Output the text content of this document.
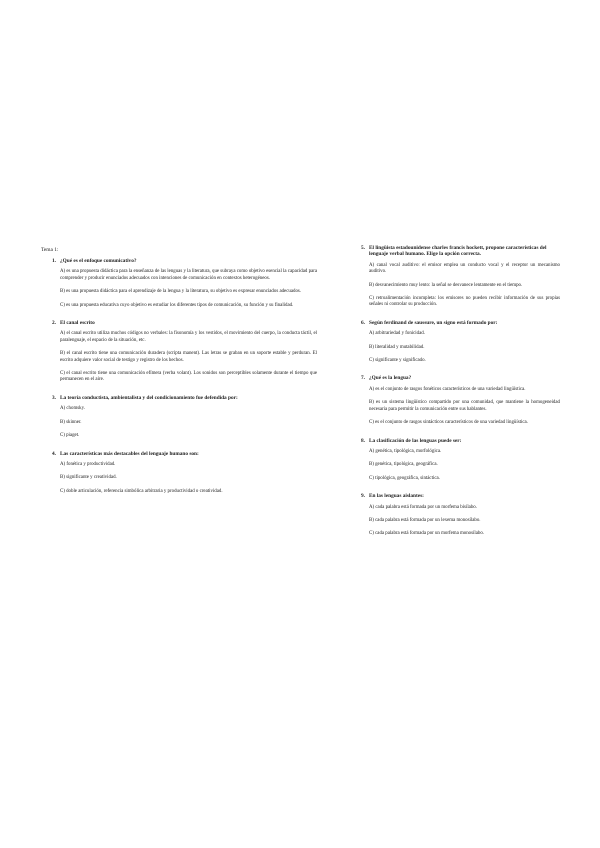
Tema 1:
1. ¿Qué es el enfoque comunicativo?
A) es una propuesta didáctica para la enseñanza de las lenguas y la literatura, que subraya como objetivo esencial la capacidad para comprender y producir enunciados adecuados con intenciones de comunicación en contextos heterogéneos.
B) es una propuesta didáctica para el aprendizaje de la lengua y la literatura, su objetivo es expresar enunciados adecuados.
C) es una propuesta educativa cuyo objetivo es estudiar los diferentes tipos de comunicación, su función y su finalidad.
2. El canal escrito
A) el canal escrito utiliza muchos códigos no verbales: la fisonomía y los vestidos, el movimiento del cuerpo, la conducta táctil, el paralenguaje, el espacio de la situación, etc.
B) el canal escrito tiene una comunicación duradera (scripta manent). Las letras se graban en un soporte estable y perduran. El escrito adquiere valor social de testigo y registro de los hechos.
C) el canal escrito tiene una comunicación efímera (verba volant). Los sonidos son perceptibles solamente durante el tiempo que permanecen en el aire.
3. La teoría conductista, ambientalista y del condicionamiento fue defendida por:
A) chomsky.
B) skinner.
C) piaget.
4. Las características más destacables del lenguaje humano son:
A) fonética y productividad.
B) significante y creatividad.
C) doble articulación, referencia simbólica arbitraria y productividad o creatividad.
5. El lingüista estadounidense charles francis hockett, propone características del lenguaje verbal humano. Elige la opción correcta.
A) canal vocal auditivo: el emisor emplea un conducto vocal y el receptor un mecanismo auditivo.
B) desvanecimiento muy lento: la señal se desvanece lentamente en el tiempo.
C) retroalimentación incompleta: los emisores no pueden recibir información de sus propias señales ni controlar su producción.
6. Según ferdinand de saussure, un signo está formado por:
A) arbitrariedad y fonicidad.
B) literalidad y mutabilidad.
C) significante y significado.
7. ¿Qué es la lengua?
A) es el conjunto de rasgos fonéticos característicos de una variedad lingüística.
B) es un sistema lingüístico compartido por una comunidad, que mantiene la homogeneidad necesaria para permitir la comunicación entre sus hablantes.
C) es el conjunto de rasgos sintácticos característicos de una variedad lingüística.
8. La clasificación de las lenguas puede ser:
A) genética, tipológica, morfológica.
B) genética, tipológica, geográfica.
C) tipológica, geográfica, sintáctica.
9. En las lenguas aislantes:
A) cada palabra está formada por un morfema bisílabo.
B) cada palabra está formada por un lexema monosílabo.
C) cada palabra está formada por un morfema monosílabo.
